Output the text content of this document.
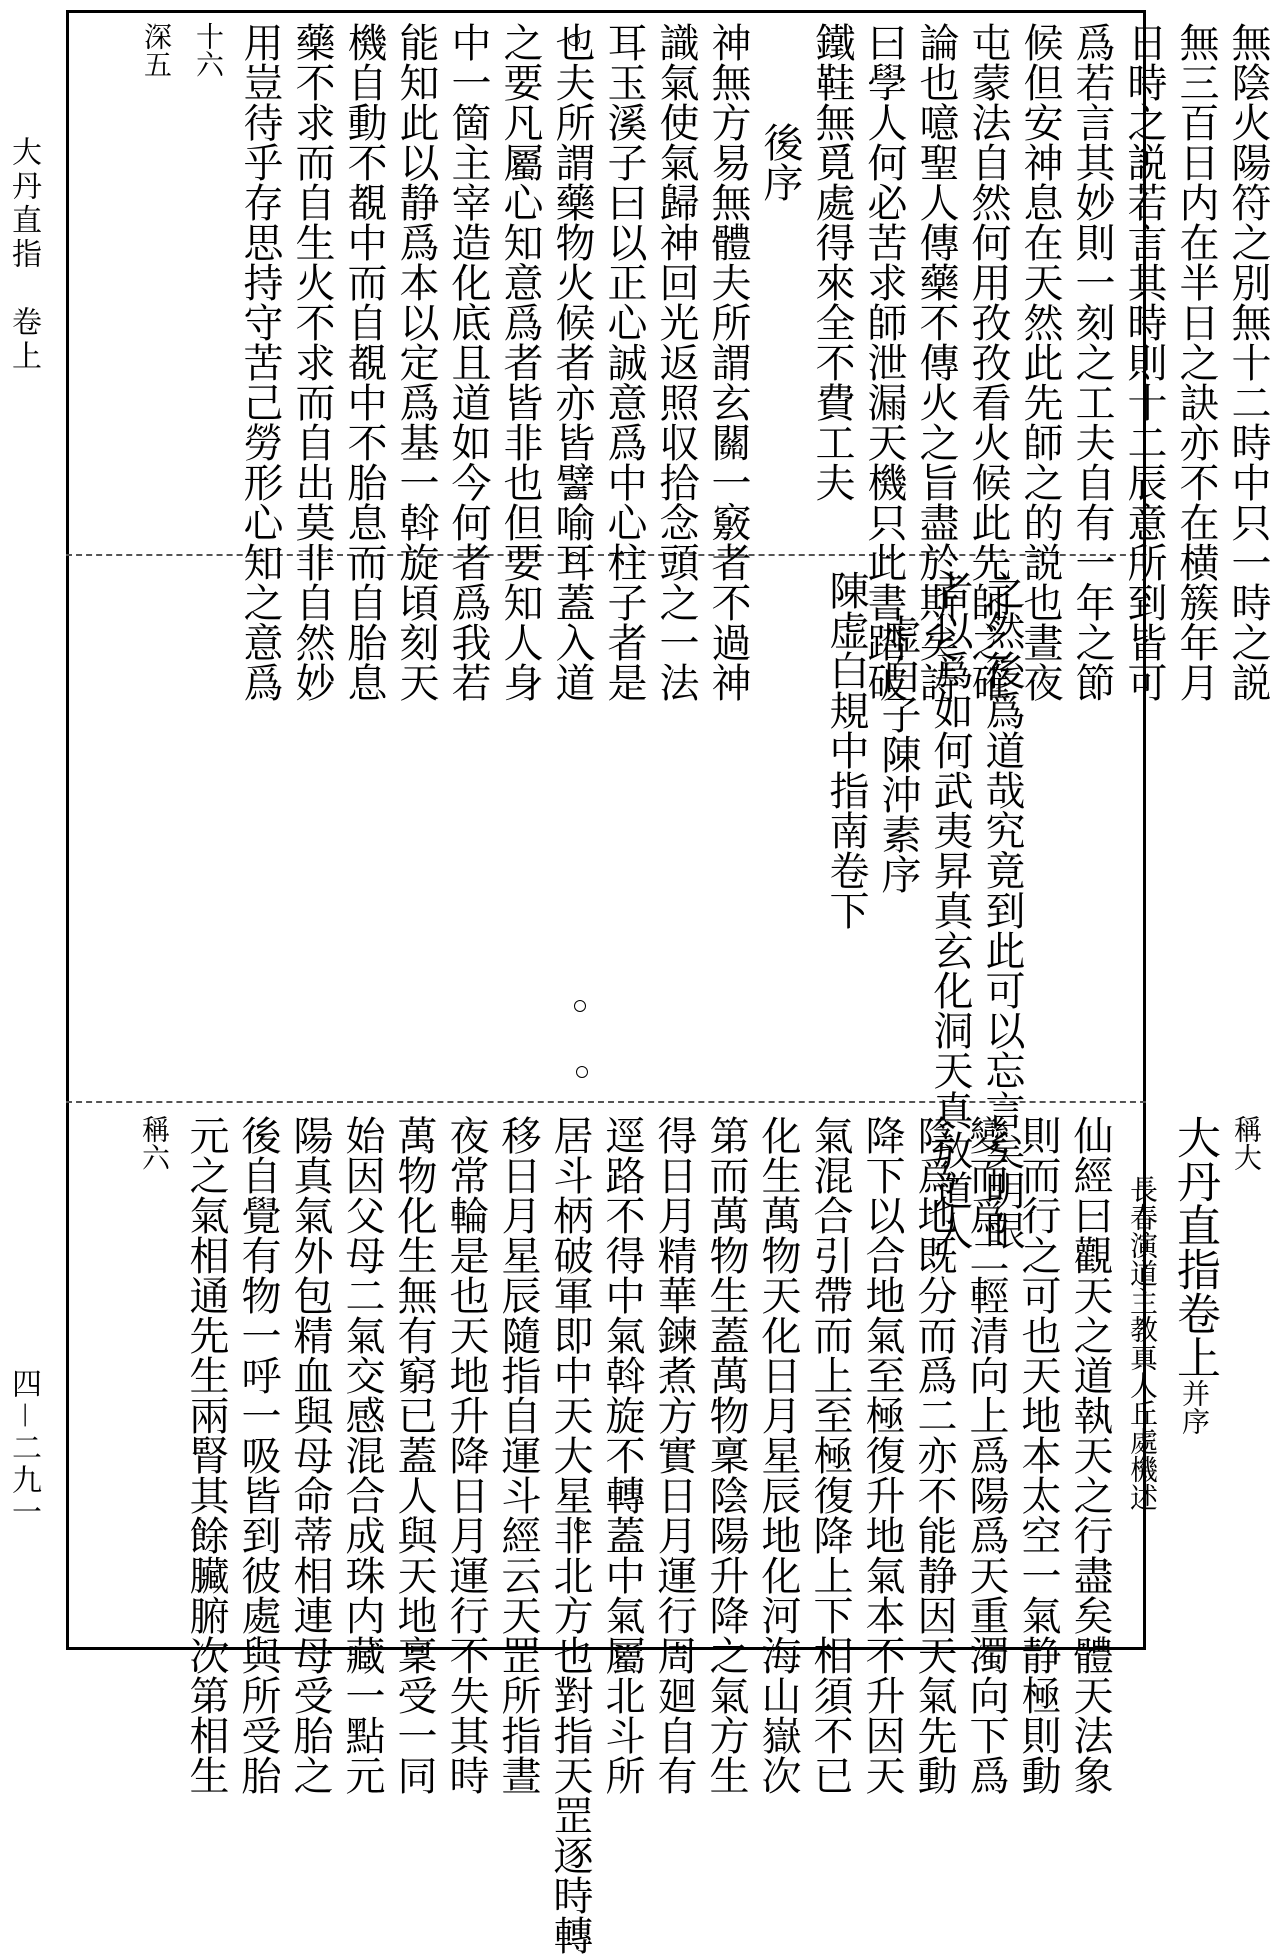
大丹直指　卷上
四－二九一
無陰火陽符之別無十二時中只一時之説
無三百日内在半日之訣亦不在横簇年月
日時之説若言其時則十二辰意所到皆可
爲若言其妙則一刻之工夫自有一年之節
候但安神息在天然此先師之的説也晝夜
屯蒙法自然何用孜孜看火候此先師之確
論也噫聖人傳藥不傳火之旨盡於斯矣詩
曰學人何必苦求師泄漏天機只此書踏破
鐵鞋無覓處得來全不費工夫
後序
神無方易無體夫所謂玄關一竅者不過神
識氣使氣歸神回光返照収拾念頭之一法
耳玉溪子曰以正心誠意爲中心柱子者是
也夫所謂藥物火候者亦皆譬喻耳蓋入道
之要凡屬心知意爲者皆非也但要知人身
中一箇主宰造化底且道如今何者爲我若
能知此以静爲本以定爲基一斡旋頃刻天
機自動不覩中而自覩中不胎息而自胎息
藥不求而自生火不求而自出莫非自然妙
用豈待乎存思持守苦己勞形心知之意爲
十六
深五
之然後爲道哉究竟到此可以忘言矣明眼
者以爲如何武夷昇真玄化洞天真放道人
虚白子陳沖素序
陳虚白規中指南卷下
稱大
大丹直指卷上并序
長春演道主教真人丘處機述
仙經曰觀天之道執天之行盡矣體天法象
則而行之可也天地本太空一氣静極則動
變而爲二輕清向上爲陽爲天重濁向下爲
陰爲地既分而爲二亦不能静因天氣先動
降下以合地氣至極復升地氣本不升因天
氣混合引帶而上至極復降上下相須不已
化生萬物天化日月星辰地化河海山嶽次
第而萬物生蓋萬物稟陰陽升降之氣方生
得日月精華鍊煮方實日月運行周廻自有
逕路不得中氣斡旋不轉蓋中氣屬北斗所
居斗柄破軍即中天大星非北方也對指天罡逐時轉
移日月星辰隨指自運斗經云天罡所指晝
夜常輪是也天地升降日月運行不失其時
萬物化生無有窮已蓋人與天地稟受一同
始因父母二氣交感混合成珠内藏一點元
陽真氣外包精血與母命蒂相連母受胎之
後自覺有物一呼一吸皆到彼處與所受胎
元之氣相通先生兩腎其餘臟腑次第相生
稱六
